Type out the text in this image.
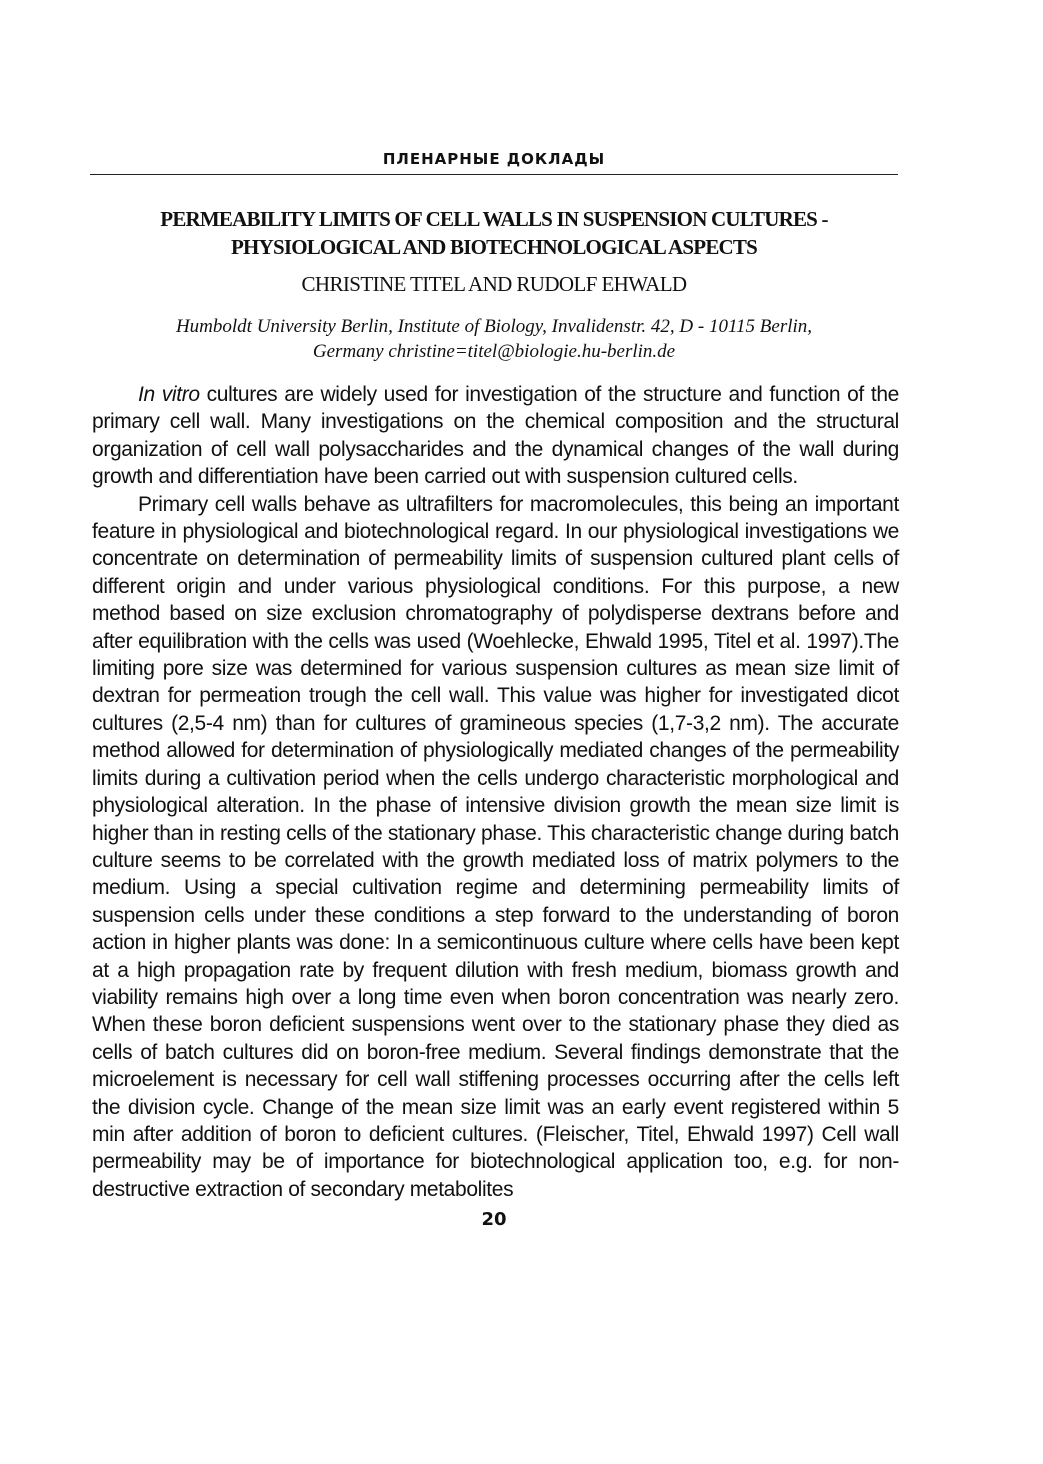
ПЛЕНАРНЫЕ ДОКЛАДЫ
PERMEABILITY LIMITS OF CELL WALLS IN SUSPENSION CULTURES -
PHYSIOLOGICAL AND BIOTECHNOLOGICAL ASPECTS
CHRISTINE TITEL AND RUDOLF EHWALD
Humboldt University Berlin, Institute of Biology, Invalidenstr. 42, D - 10115 Berlin,
Germany christine=titel@biologie.hu-berlin.de

In vitro cultures are widely used for investigation of the structure and function of the primary cell wall. Many investigations on the chemical composition and the structural organization of cell wall polysaccharides and the dynamical changes of the wall during growth and differentiation have been carried out with suspension cultured cells.

Primary cell walls behave as ultrafilters for macromolecules, this being an important feature in physiological and biotechnological regard. In our physiological investigations we concentrate on determination of permeability limits of suspension cultured plant cells of different origin and under various physiological conditions. For this purpose, a new method based on size exclusion chromatography of polydisperse dextrans before and after equilibration with the cells was used (Woehlecke, Ehwald 1995, Titel et al. 1997).The limiting pore size was determined for various suspension cultures as mean size limit of dextran for permeation trough the cell wall. This value was higher for investigated dicot cultures (2,5-4 nm) than for cultures of gramineous species (1,7-3,2 nm). The accurate method allowed for determination of physiologically mediated changes of the permeability limits during a cultivation period when the cells undergo characteristic morphological and physiological alteration. In the phase of intensive division growth the mean size limit is higher than in resting cells of the stationary phase. This characteristic change during batch culture seems to be correlated with the growth mediated loss of matrix polymers to the medium. Using a special cultivation regime and determining permeability limits of suspension cells under these conditions a step forward to the understanding of boron action in higher plants was done: In a semicontinuous culture where cells have been kept at a high propagation rate by frequent dilution with fresh medium, biomass growth and viability remains high over a long time even when boron concentration was nearly zero. When these boron deficient suspensions went over to the stationary phase they died as cells of batch cultures did on boron-free medium. Several findings demonstrate that the microelement is necessary for cell wall stiffening processes occurring after the cells left the division cycle. Change of the mean size limit was an early event registered within 5 min after addition of boron to deficient cultures. (Fleischer, Titel, Ehwald 1997) Cell wall permeability may be of importance for biotechnological application too, e.g. for non-destructive extraction of secondary metabolites

20
